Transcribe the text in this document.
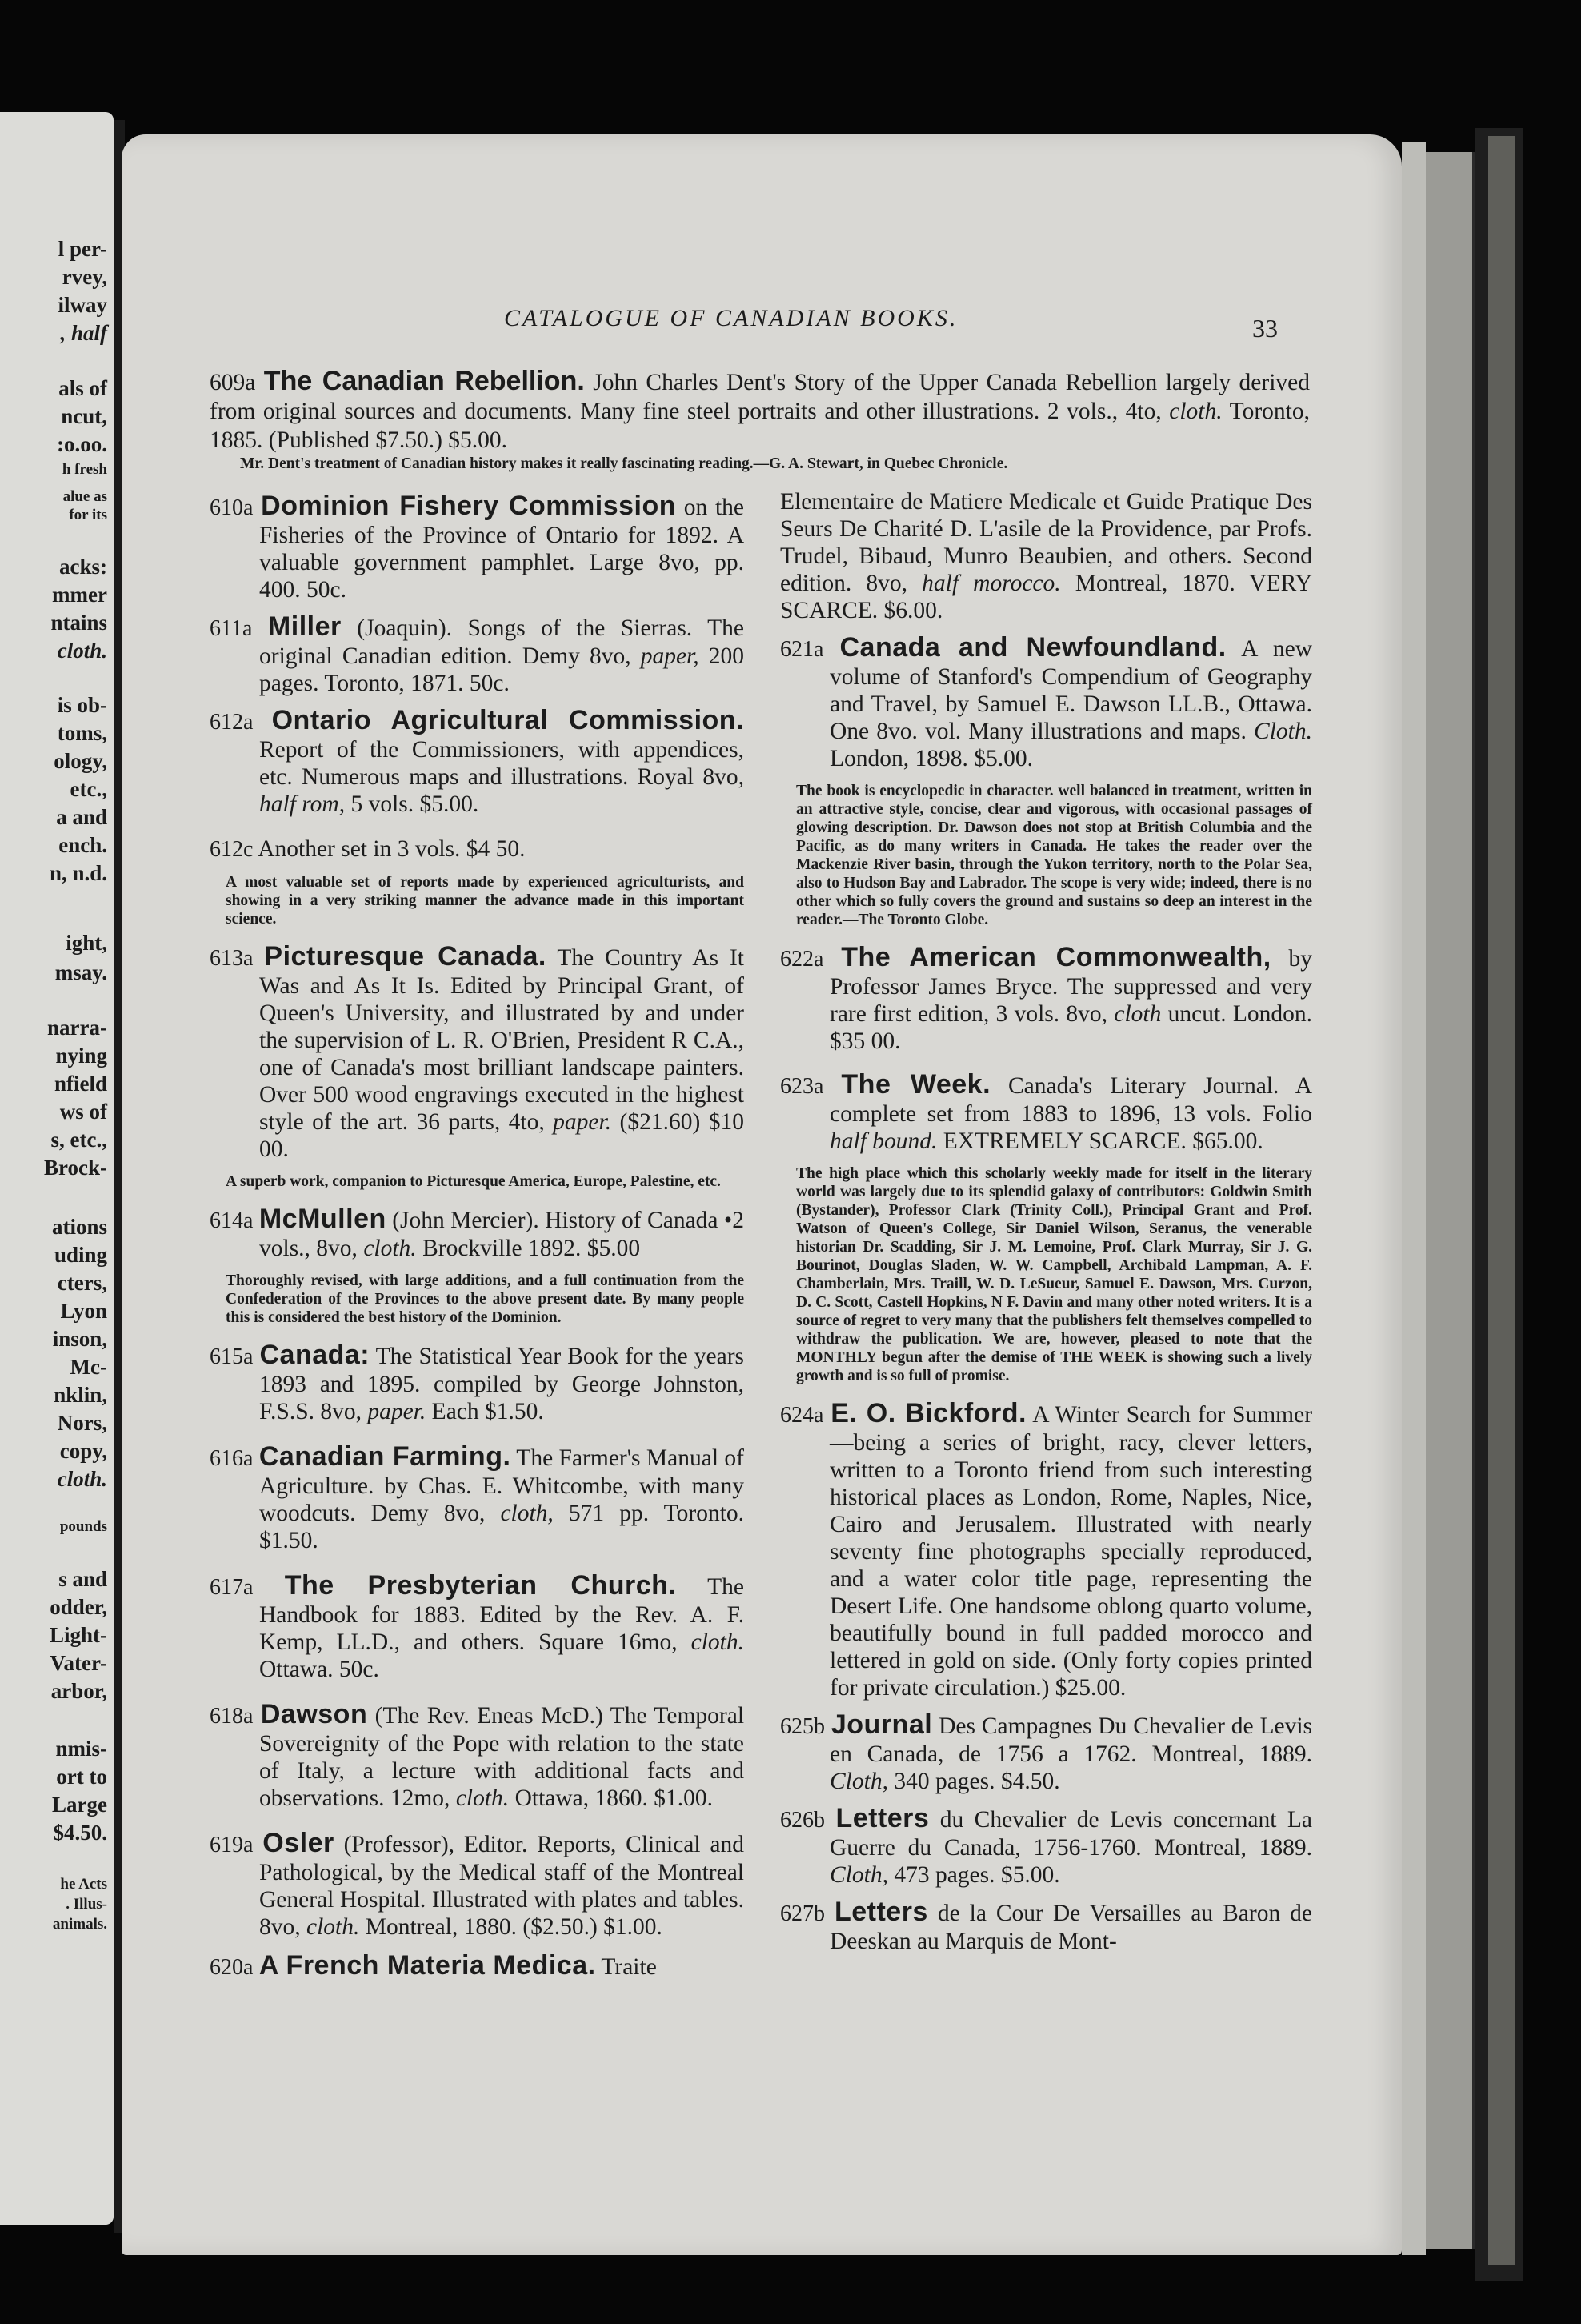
l per-
rvey,
ilway
, half
als of
ncut,
:o.oo.
h fresh
alue as
for its
acks:
mmer
ntains
cloth.
is ob-
toms,
ology,
etc.,
a and
ench.
n, n.d.
ight,
msay.
narra-
nying
nfield
ws of
s, etc.,
Brock-
ations
uding
cters,
Lyon
inson,
Mc-
nklin,
Nors,
copy,
cloth.
pounds
s and
odder,
Light-
Vater-
arbor,
nmis-
ort to
Large
$4.50.
he Acts
. Illus-
animals.
CATALOGUE OF CANADIAN BOOKS.	33
609a The Canadian Rebellion. John Charles Dent's Story of the Upper Canada Rebellion largely derived from original sources and documents. Many fine steel portraits and other illustrations. 2 vols., 4to, cloth. Toronto, 1885. (Published $7.50.) $5.00.
Mr. Dent's treatment of Canadian history makes it really fascinating reading.—G. A. Stewart, in Quebec Chronicle.
610a Dominion Fishery Commission on the Fisheries of the Province of Ontario for 1892. A valuable government pamphlet. Large 8vo, pp. 400. 50c.
611a Miller (Joaquin). Songs of the Sierras. The original Canadian edition. Demy 8vo, paper, 200 pages. Toronto, 1871. 50c.
612a Ontario Agricultural Commission. Report of the Commissioners, with appendices, etc. Numerous maps and illustrations. Royal 8vo, half rom, 5 vols. $5.00.
612c Another set in 3 vols. $4 50.
A most valuable set of reports made by experienced agriculturists, and showing in a very striking manner the advance made in this important science.
613a Picturesque Canada. The Country As It Was and As It Is. Edited by Principal Grant, of Queen's University, and illustrated by and under the supervision of L. R. O'Brien, President R C.A., one of Canada's most brilliant landscape painters. Over 500 wood engravings executed in the highest style of the art. 36 parts, 4to, paper. ($21.60) $10 00.
A superb work, companion to Picturesque America, Europe, Palestine, etc.
614a McMullen (John Mercier). History of Canada •2 vols., 8vo, cloth. Brockville 1892. $5.00
Thoroughly revised, with large additions, and a full continuation from the Confederation of the Provinces to the above present date. By many people this is considered the best history of the Dominion.
615a Canada: The Statistical Year Book for the years 1893 and 1895. compiled by George Johnston, F.S.S. 8vo, paper. Each $1.50.
616a Canadian Farming. The Farmer's Manual of Agriculture. by Chas. E. Whitcombe, with many woodcuts. Demy 8vo, cloth, 571 pp. Toronto. $1.50.
617a The Presbyterian Church. The Handbook for 1883. Edited by the Rev. A. F. Kemp, LL.D., and others. Square 16mo, cloth. Ottawa. 50c.
618a Dawson (The Rev. Eneas McD.) The Temporal Sovereignity of the Pope with relation to the state of Italy, a lecture with additional facts and observations. 12mo, cloth. Ottawa, 1860. $1.00.
619a Osler (Professor), Editor. Reports, Clinical and Pathological, by the Medical staff of the Montreal General Hospital. Illustrated with plates and tables. 8vo, cloth. Montreal, 1880. ($2.50.) $1.00.
620a A French Materia Medica. Traite
Elementaire de Matiere Medicale et Guide Pratique Des Seurs De Charité D. L'asile de la Providence, par Profs. Trudel, Bibaud, Munro Beaubien, and others. Second edition. 8vo, half morocco. Montreal, 1870. VERY SCARCE. $6.00.
621a Canada and Newfoundland. A new volume of Stanford's Compendium of Geography and Travel, by Samuel E. Dawson LL.B., Ottawa. One 8vo. vol. Many illustrations and maps. Cloth. London, 1898. $5.00.
The book is encyclopedic in character. well balanced in treatment, written in an attractive style, concise, clear and vigorous, with occasional passages of glowing description. Dr. Dawson does not stop at British Columbia and the Pacific, as do many writers in Canada. He takes the reader over the Mackenzie River basin, through the Yukon territory, north to the Polar Sea, also to Hudson Bay and Labrador. The scope is very wide; indeed, there is no other which so fully covers the ground and sustains so deep an interest in the reader.—The Toronto Globe.
622a The American Commonwealth, by Professor James Bryce. The suppressed and very rare first edition, 3 vols. 8vo, cloth uncut. London. $35 00.
623a The Week. Canada's Literary Journal. A complete set from 1883 to 1896, 13 vols. Folio half bound. EXTREMELY SCARCE. $65.00.
The high place which this scholarly weekly made for itself in the literary world was largely due to its splendid galaxy of contributors: Goldwin Smith (Bystander), Professor Clark (Trinity Coll.), Principal Grant and Prof. Watson of Queen's College, Sir Daniel Wilson, Seranus, the venerable historian Dr. Scadding, Sir J. M. Lemoine, Prof. Clark Murray, Sir J. G. Bourinot, Douglas Sladen, W. W. Campbell, Archibald Lampman, A. F. Chamberlain, Mrs. Traill, W. D. LeSueur, Samuel E. Dawson, Mrs. Curzon, D. C. Scott, Castell Hopkins, N F. Davin and many other noted writers. It is a source of regret to very many that the publishers felt themselves compelled to withdraw the publication. We are, however, pleased to note that the MONTHLY begun after the demise of THE WEEK is showing such a lively growth and is so full of promise.
624a E. O. Bickford. A Winter Search for Summer—being a series of bright, racy, clever letters, written to a Toronto friend from such interesting historical places as London, Rome, Naples, Nice, Cairo and Jerusalem. Illustrated with nearly seventy fine photographs specially reproduced, and a water color title page, representing the Desert Life. One handsome oblong quarto volume, beautifully bound in full padded morocco and lettered in gold on side. (Only forty copies printed for private circulation.) $25.00.
625b Journal Des Campagnes Du Chevalier de Levis en Canada, de 1756 a 1762. Montreal, 1889. Cloth, 340 pages. $4.50.
626b Letters du Chevalier de Levis concernant La Guerre du Canada, 1756-1760. Montreal, 1889. Cloth, 473 pages. $5.00.
627b Letters de la Cour De Versailles au Baron de Deeskan au Marquis de Mont-
